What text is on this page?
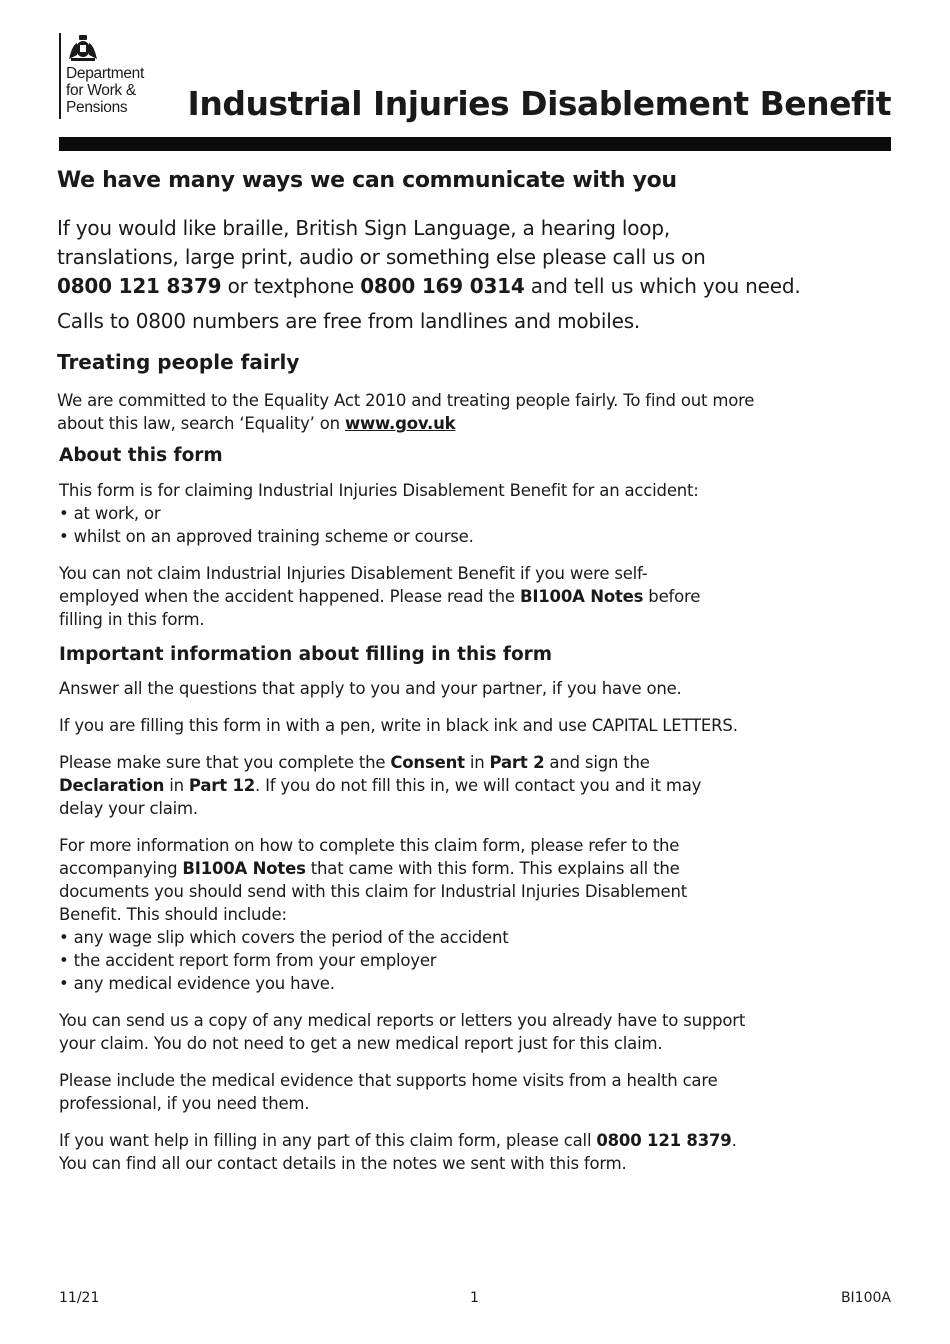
Department
for Work &
Pensions	Industrial Injuries Disablement Benefit
We have many ways we can communicate with you

If you would like braille, British Sign Language, a hearing loop,
translations, large print, audio or something else please call us on
0800 121 8379 or textphone 0800 169 0314 and tell us which you need.

Calls to 0800 numbers are free from landlines and mobiles.

Treating people fairly

We are committed to the Equality Act 2010 and treating people fairly. To find out more about this law, search ‘Equality’ on www.gov.uk

About this form

This form is for claiming Industrial Injuries Disablement Benefit for an accident:

• at work, or
• whilst on an approved training scheme or course.

You can not claim Industrial Injuries Disablement Benefit if you were self-employed when the accident happened. Please read the BI100A Notes before filling in this form.

Important information about filling in this form

Answer all the questions that apply to you and your partner, if you have one.

If you are filling this form in with a pen, write in black ink and use CAPITAL LETTERS.

Please make sure that you complete the Consent in Part 2 and sign the Declaration in Part 12. If you do not fill this in, we will contact you and it may delay your claim.

For more information on how to complete this claim form, please refer to the accompanying BI100A Notes that came with this form. This explains all the documents you should send with this claim for Industrial Injuries Disablement Benefit. This should include:

• any wage slip which covers the period of the accident
• the accident report form from your employer
• any medical evidence you have.

You can send us a copy of any medical reports or letters you already have to support your claim. You do not need to get a new medical report just for this claim.

Please include the medical evidence that supports home visits from a health care professional, if you need them.

If you want help in filling in any part of this claim form, please call 0800 121 8379.
You can find all our contact details in the notes we sent with this form.

11/21	1	BI100A
